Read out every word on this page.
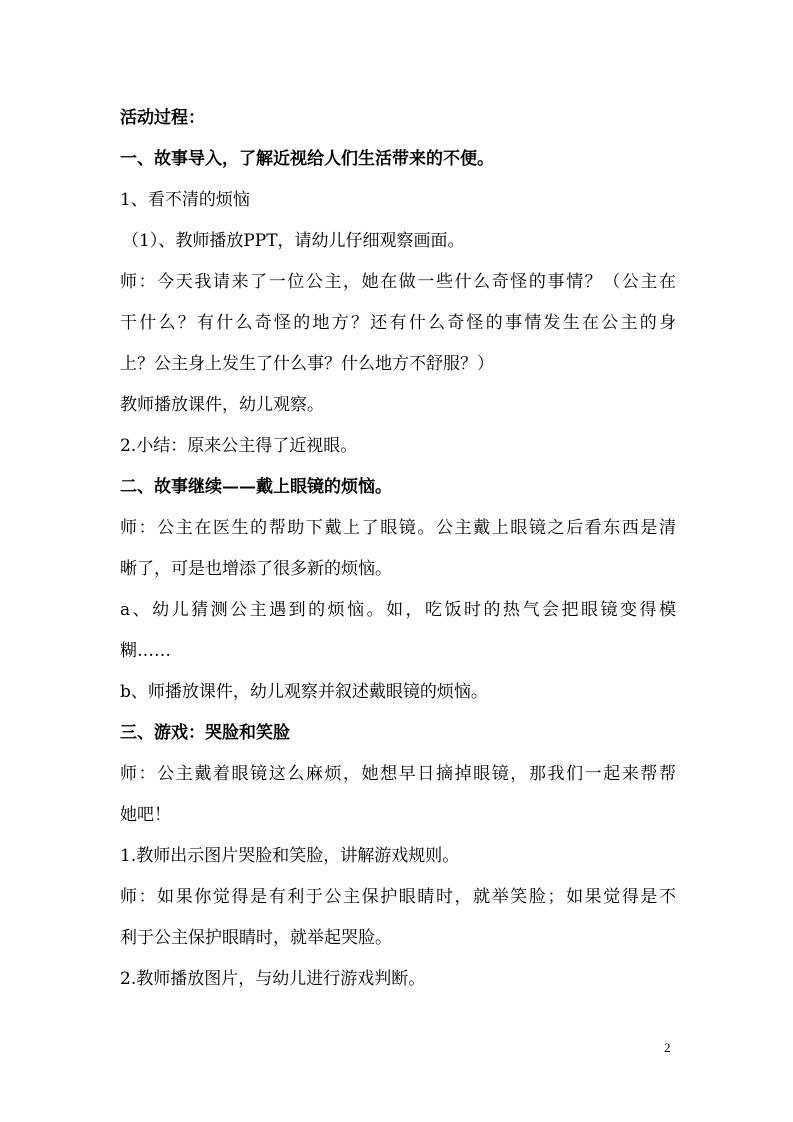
活动过程：
一、故事导入，了解近视给人们生活带来的不便。
1、看不清的烦恼
（1）、教师播放PPT，请幼儿仔细观察画面。
师：今天我请来了一位公主，她在做一些什么奇怪的事情？（公主在
干什么？有什么奇怪的地方？还有什么奇怪的事情发生在公主的身
上？公主身上发生了什么事？什么地方不舒服？）
教师播放课件，幼儿观察。
2.小结：原来公主得了近视眼。
二、故事继续——戴上眼镜的烦恼。
师：公主在医生的帮助下戴上了眼镜。公主戴上眼镜之后看东西是清
晰了，可是也增添了很多新的烦恼。
a、幼儿猜测公主遇到的烦恼。如，吃饭时的热气会把眼镜变得模
糊……
b、师播放课件，幼儿观察并叙述戴眼镜的烦恼。
三、游戏：哭脸和笑脸
师：公主戴着眼镜这么麻烦，她想早日摘掉眼镜，那我们一起来帮帮
她吧！
1.教师出示图片哭脸和笑脸，讲解游戏规则。
师：如果你觉得是有利于公主保护眼睛时，就举笑脸；如果觉得是不
利于公主保护眼睛时，就举起哭脸。
2.教师播放图片，与幼儿进行游戏判断。
2
